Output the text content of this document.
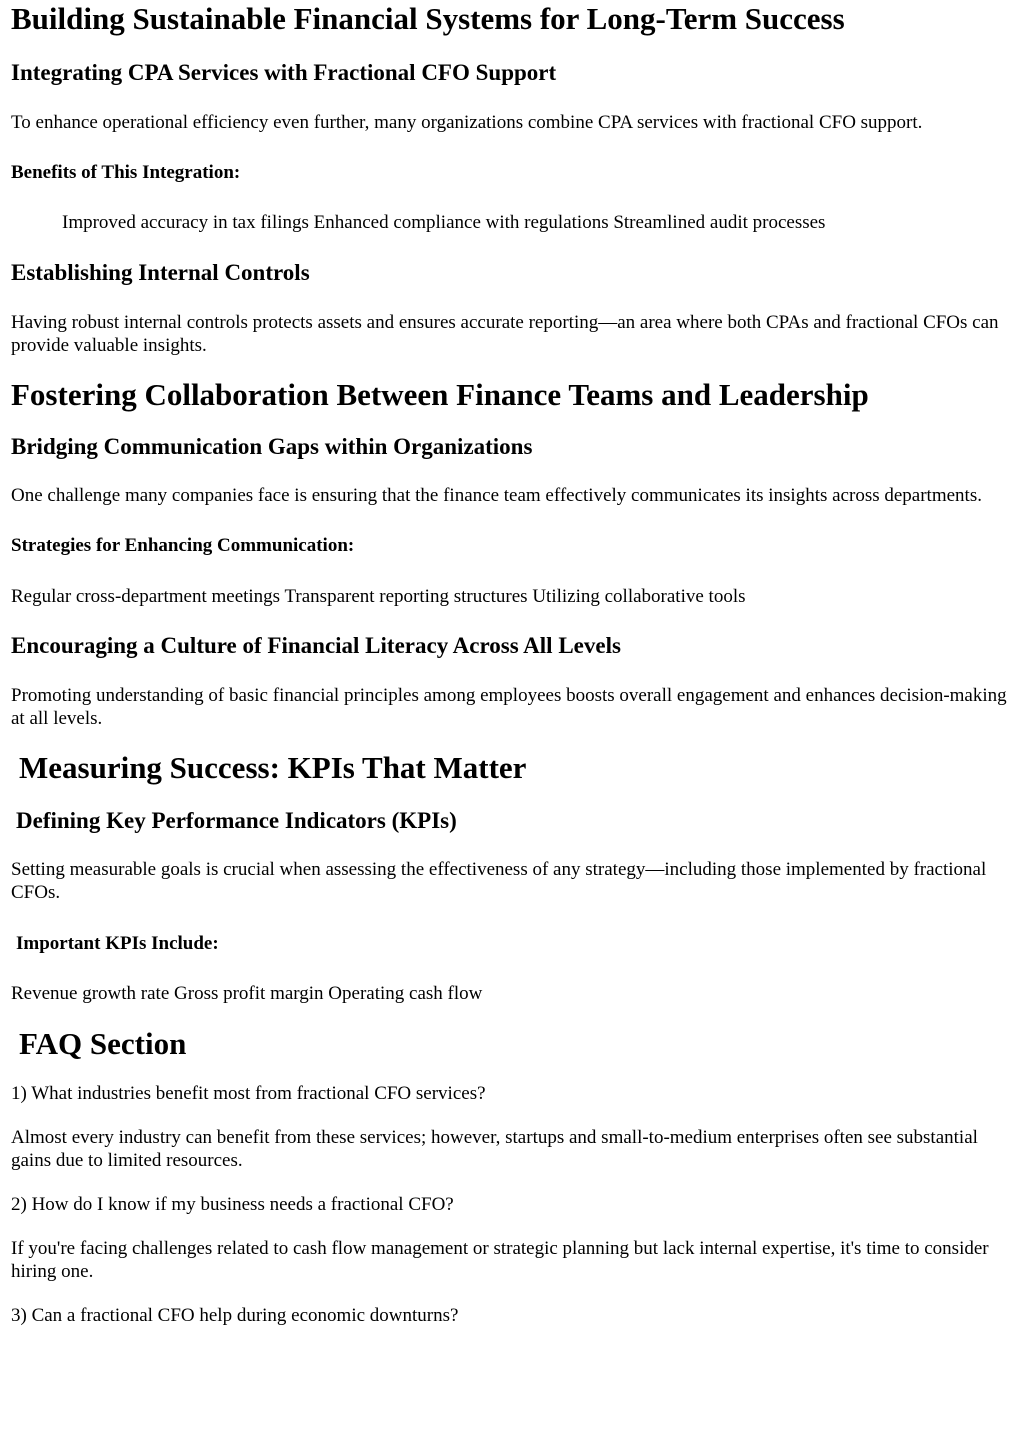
Building Sustainable Financial Systems for Long-Term Success
Integrating CPA Services with Fractional CFO Support

To enhance operational efficiency even further, many organizations combine CPA services with fractional CFO support.

Benefits of This Integration:

Improved accuracy in tax filings Enhanced compliance with regulations Streamlined audit processes

Establishing Internal Controls

Having robust internal controls protects assets and ensures accurate reporting—an area where both CPAs and fractional CFOs can provide valuable insights.

Fostering Collaboration Between Finance Teams and Leadership
Bridging Communication Gaps within Organizations

One challenge many companies face is ensuring that the finance team effectively communicates its insights across departments.

Strategies for Enhancing Communication:

Regular cross-department meetings Transparent reporting structures Utilizing collaborative tools

Encouraging a Culture of Financial Literacy Across All Levels

Promoting understanding of basic financial principles among employees boosts overall engagement and enhances decision-making at all levels.

Measuring Success: KPIs That Matter
Defining Key Performance Indicators (KPIs)

Setting measurable goals is crucial when assessing the effectiveness of any strategy—including those implemented by fractional CFOs.

Important KPIs Include:

Revenue growth rate Gross profit margin Operating cash flow

FAQ Section

1) What industries benefit most from fractional CFO services?

Almost every industry can benefit from these services; however, startups and small-to-medium enterprises often see substantial gains due to limited resources.

2) How do I know if my business needs a fractional CFO?

If you're facing challenges related to cash flow management or strategic planning but lack internal expertise, it's time to consider hiring one.

3) Can a fractional CFO help during economic downturns?
